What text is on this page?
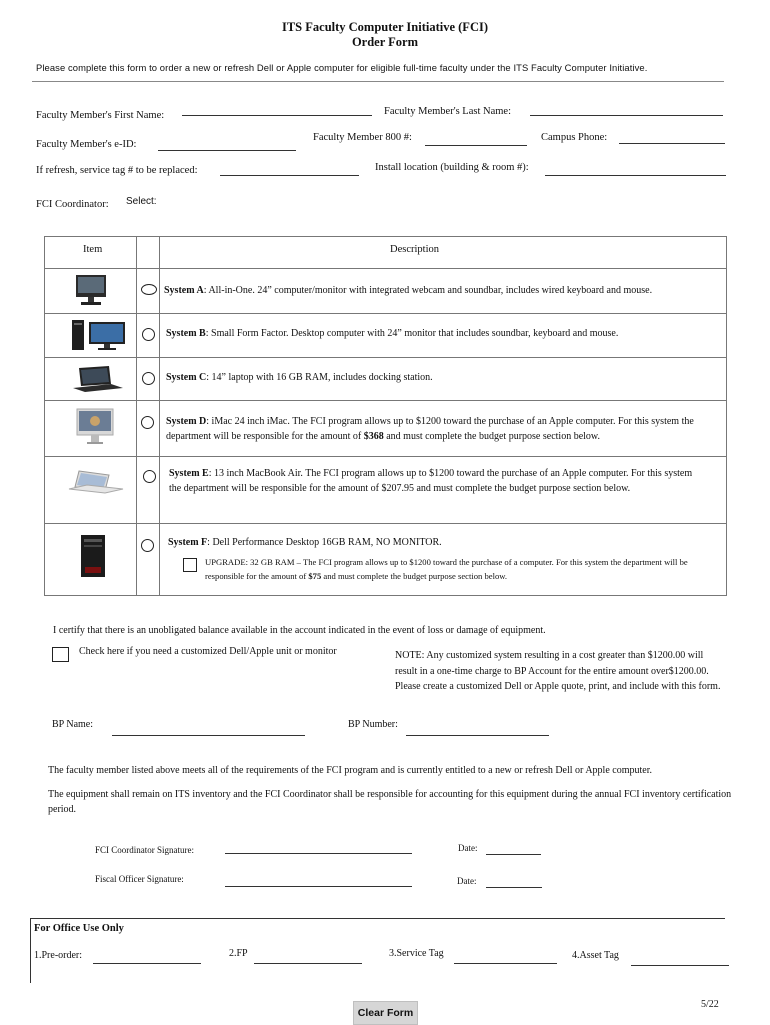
ITS Faculty Computer Initiative (FCI)
Order Form
Please complete this form to order a new or refresh Dell or Apple computer for eligible full-time faculty under the ITS Faculty Computer Initiative.
Faculty Member's First Name:	Faculty Member's Last Name:
Faculty Member's e-ID:
Faculty Member 800 #:	Campus Phone:
If refresh, service tag # to be replaced:	Install location (building & room #):
FCI Coordinator: Select:
Item	Description
System A: All-in-One. 24” computer/monitor with integrated webcam and soundbar, includes wired keyboard and mouse.
System B: Small Form Factor. Desktop computer with 24” monitor that includes soundbar, keyboard and mouse.
System C: 14” laptop with 16 GB RAM, includes docking station.
System D: iMac 24 inch iMac. The FCI program allows up to $1200 toward the purchase of an Apple computer. For this system the department will be responsible for the amount of $368 and must complete the budget purpose section below.
System E: 13 inch MacBook Air. The FCI program allows up to $1200 toward the purchase of an Apple computer. For this system the department will be responsible for the amount of $207.95 and must complete the budget purpose section below.
System F: Dell Performance Desktop 16GB RAM, NO MONITOR.
UPGRADE: 32 GB RAM – The FCI program allows up to $1200 toward the purchase of a computer. For this system the department will be responsible for the amount of $75 and must complete the budget purpose section below.
I certify that there is an unobligated balance available in the account indicated in the event of loss or damage of equipment.
Check here if you need a customized Dell/Apple unit or monitor	NOTE: Any customized system resulting in a cost greater than $1200.00 will result in a one-time charge to BP Account for the entire amount over$1200.00. Please create a customized Dell or Apple quote, print, and include with this form.
BP Name:	BP Number:
The faculty member listed above meets all of the requirements of the FCI program and is currently entitled to a new or refresh Dell or Apple computer.
The equipment shall remain on ITS inventory and the FCI Coordinator shall be responsible for accounting for this equipment during the annual FCI inventory certification period.
FCI Coordinator Signature:	Date:
Fiscal Officer Signature:	Date:
For Office Use Only
1.Pre-order:	2.FP	3.Service Tag	4.Asset Tag
Clear Form
5/22
